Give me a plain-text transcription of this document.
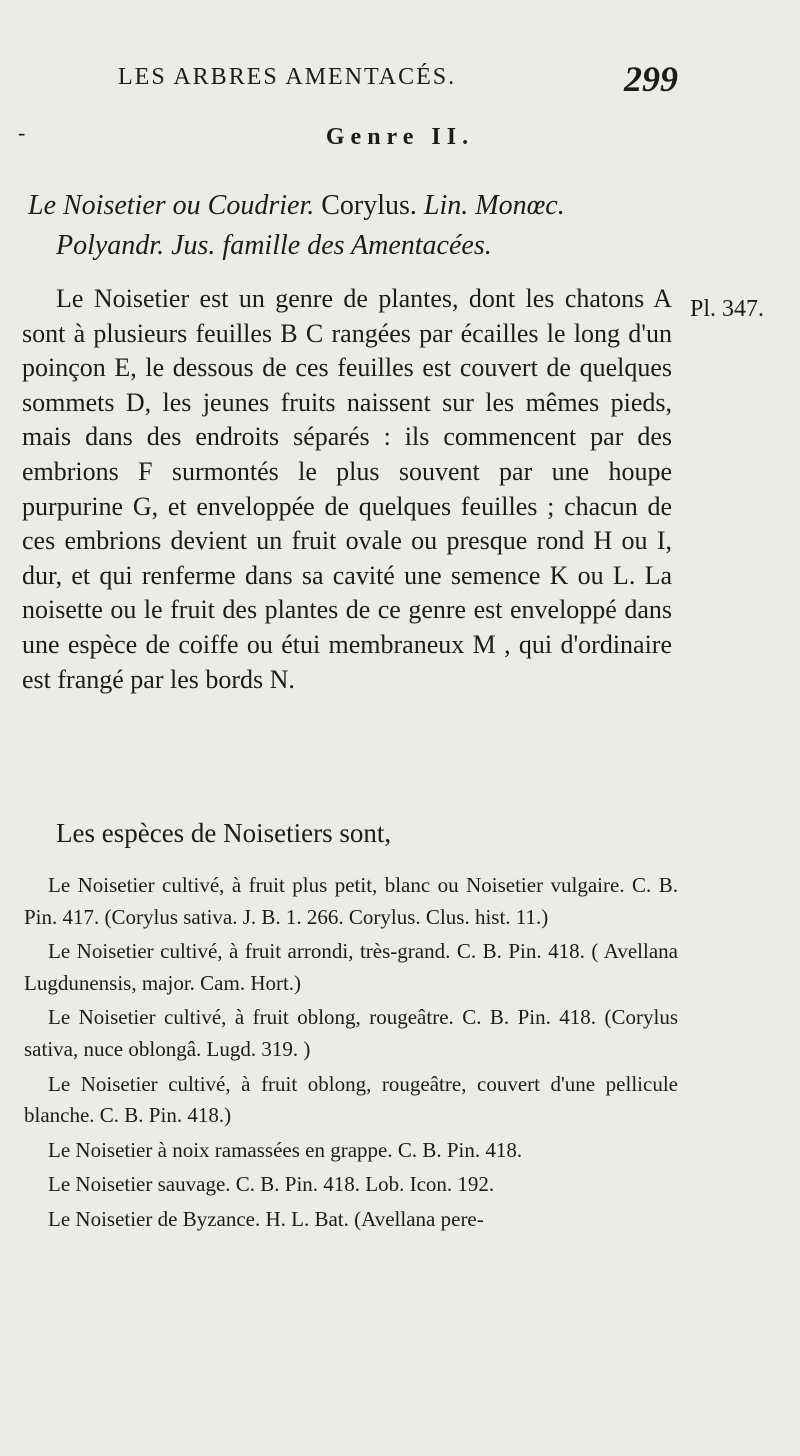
LES ARBRES AMENTACÉS.	299
-	Genre II.
Le Noisetier ou Coudrier. Corylus. Lin. Monœc.
Polyandr. Jus. famille des Amentacées.
Pl. 347.
Le Noisetier est un genre de plantes, dont les chatons A sont à plusieurs feuilles B C rangées par écailles le long d'un poinçon E, le dessous de ces feuilles est couvert de quelques sommets D, les jeunes fruits naissent sur les mêmes pieds, mais dans des endroits séparés : ils commencent par des embrions F surmontés le plus souvent par une houpe purpurine G, et enveloppée de quelques feuilles ; chacun de ces embrions devient un fruit ovale ou presque rond H ou I, dur, et qui renferme dans sa cavité une semence K ou L. La noisette ou le fruit des plantes de ce genre est enveloppé dans une espèce de coiffe ou étui membraneux M , qui d'ordinaire est frangé par les bords N.
Les espèces de Noisetiers sont,
Le Noisetier cultivé, à fruit plus petit, blanc ou Noisetier vulgaire. C. B. Pin. 417. (Corylus sativa. J. B. 1. 266. Corylus. Clus. hist. 11.)
Le Noisetier cultivé, à fruit arrondi, très-grand. C. B. Pin. 418. ( Avellana Lugdunensis, major. Cam. Hort.)
Le Noisetier cultivé, à fruit oblong, rougeâtre. C. B. Pin. 418. (Corylus sativa, nuce oblongâ. Lugd. 319. )
Le Noisetier cultivé, à fruit oblong, rougeâtre, couvert d'une pellicule blanche. C. B. Pin. 418.)
Le Noisetier à noix ramassées en grappe. C. B. Pin. 418.
Le Noisetier sauvage. C. B. Pin. 418. Lob. Icon. 192.
Le Noisetier de Byzance. H. L. Bat. (Avellana pere-
